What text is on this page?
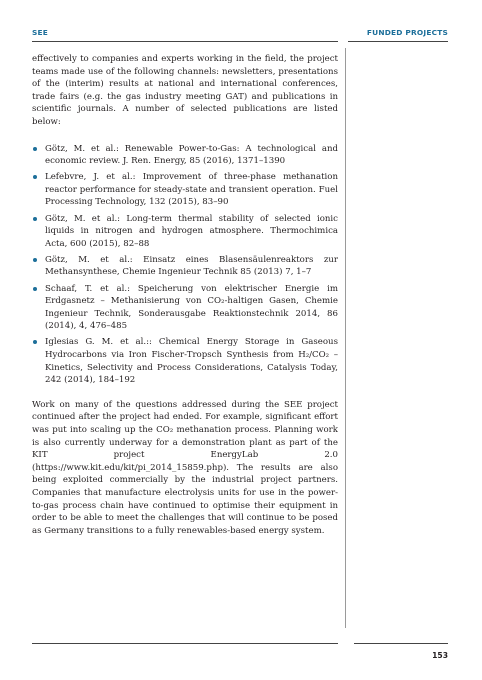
SEE	FUNDED PROJECTS

effectively to companies and experts working in the field, the project teams made use of the following channels: newsletters, presentations of the (interim) results at national and international conferences, trade fairs (e.g. the gas industry meeting GAT) and publications in scientific journals. A number of selected publications are listed below:

Götz, M. et al.: Renewable Power-to-Gas: A technological and economic review. J. Ren. Energy, 85 (2016), 1371–1390
Lefebvre, J. et al.: Improvement of three-phase methanation reactor performance for steady-state and transient operation. Fuel Processing Technology, 132 (2015), 83–90
Götz, M. et al.: Long-term thermal stability of selected ionic liquids in nitrogen and hydrogen atmosphere. Thermochimica Acta, 600 (2015), 82–88
Götz, M. et al.: Einsatz eines Blasensäulenreaktors zur Methansynthese, Chemie Ingenieur Technik 85 (2013) 7, 1–7
Schaaf, T. et al.: Speicherung von elektrischer Energie im Erdgasnetz – Methanisierung von CO₂-haltigen Gasen, Chemie Ingenieur Technik, Sonderausgabe Reaktionstechnik 2014, 86 (2014), 4, 476–485
Iglesias G. M. et al.:: Chemical Energy Storage in Gaseous Hydrocarbons via Iron Fischer-Tropsch Synthesis from H₂/CO₂ – Kinetics, Selectivity and Process Considerations, Catalysis Today, 242 (2014), 184–192

Work on many of the questions addressed during the SEE project continued after the project had ended. For example, significant effort was put into scaling up the CO₂ methanation process. Planning work is also currently underway for a demonstration plant as part of the KIT project EnergyLab 2.0 (https://www.kit.edu/kit/pi_2014_15859.php). The results are also being exploited commercially by the industrial project partners. Companies that manufacture electrolysis units for use in the power-to-gas process chain have continued to optimise their equipment in order to be able to meet the challenges that will continue to be posed as Germany transitions to a fully renewables-based energy system.

153
